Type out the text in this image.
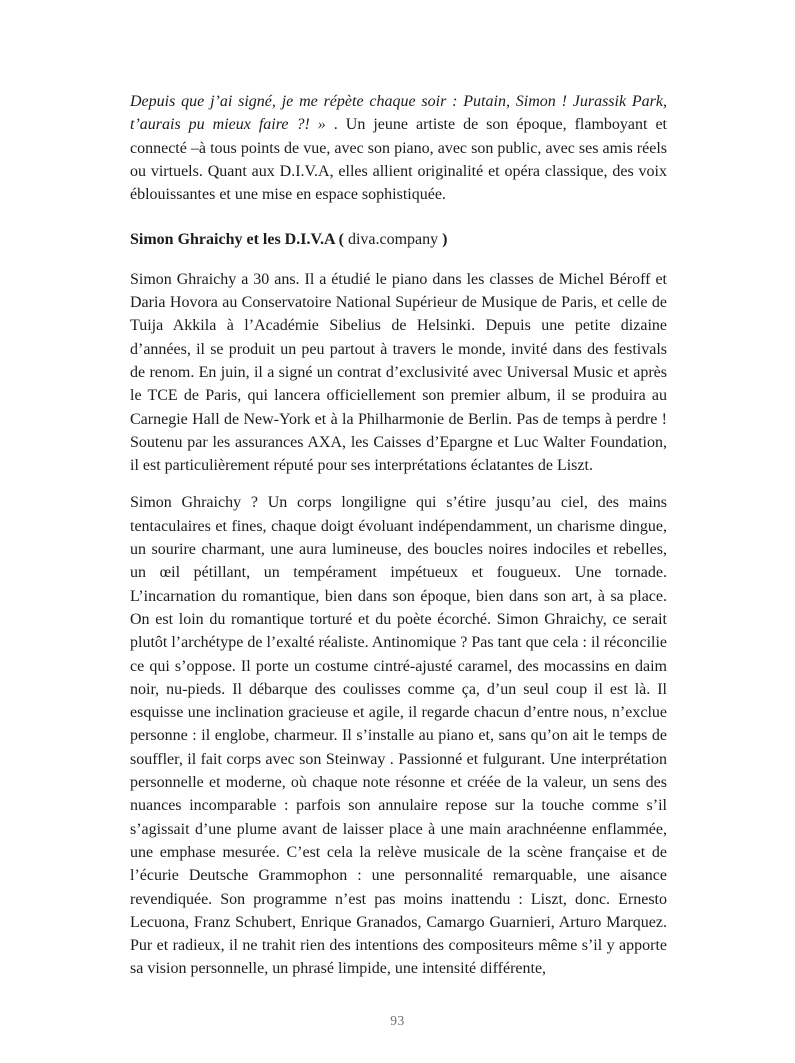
Depuis que j’ai signé, je me répète chaque soir : Putain, Simon ! Jurassik Park, t’aurais pu mieux faire ?! » . Un jeune artiste de son époque, flamboyant et connecté –à tous points de vue, avec son piano, avec son public, avec ses amis réels ou virtuels. Quant aux D.I.V.A, elles allient originalité et opéra classique, des voix éblouissantes et une mise en espace sophistiquée.

Simon Ghraichy et les D.I.V.A ( diva.company )

Simon Ghraichy a 30 ans. Il a étudié le piano dans les classes de Michel Béroff et Daria Hovora au Conservatoire National Supérieur de Musique de Paris, et celle de Tuija Akkila à l’Académie Sibelius de Helsinki. Depuis une petite dizaine d’années, il se produit un peu partout à travers le monde, invité dans des festivals de renom. En juin, il a signé un contrat d’exclusivité avec Universal Music et après le TCE de Paris, qui lancera officiellement son premier album, il se produira au Carnegie Hall de New-York et à la Philharmonie de Berlin. Pas de temps à perdre ! Soutenu par les assurances AXA, les Caisses d’Epargne et Luc Walter Foundation, il est particulièrement réputé pour ses interprétations éclatantes de Liszt.

Simon Ghraichy ? Un corps longiligne qui s’étire jusqu’au ciel, des mains tentaculaires et fines, chaque doigt évoluant indépendamment, un charisme dingue, un sourire charmant, une aura lumineuse, des boucles noires indociles et rebelles, un œil pétillant, un tempérament impétueux et fougueux. Une tornade. L’incarnation du romantique, bien dans son époque, bien dans son art, à sa place. On est loin du romantique torturé et du poète écorché. Simon Ghraichy, ce serait plutôt l’archétype de l’exalté réaliste. Antinomique ? Pas tant que cela : il réconcilie ce qui s’oppose. Il porte un costume cintré-ajusté caramel, des mocassins en daim noir, nu-pieds. Il débarque des coulisses comme ça, d’un seul coup il est là. Il esquisse une inclination gracieuse et agile, il regarde chacun d’entre nous, n’exclue personne : il englobe, charmeur. Il s’installe au piano et, sans qu’on ait le temps de souffler, il fait corps avec son Steinway . Passionné et fulgurant. Une interprétation personnelle et moderne, où chaque note résonne et créée de la valeur, un sens des nuances incomparable : parfois son annulaire repose sur la touche comme s’il s’agissait d’une plume avant de laisser place à une main arachnéenne enflammée, une emphase mesurée. C’est cela la relève musicale de la scène française et de l’écurie Deutsche Grammophon : une personnalité remarquable, une aisance revendiquée. Son programme n’est pas moins inattendu : Liszt, donc. Ernesto Lecuona, Franz Schubert, Enrique Granados, Camargo Guarnieri, Arturo Marquez. Pur et radieux, il ne trahit rien des intentions des compositeurs même s’il y apporte sa vision personnelle, un phrasé limpide, une intensité différente,

93
